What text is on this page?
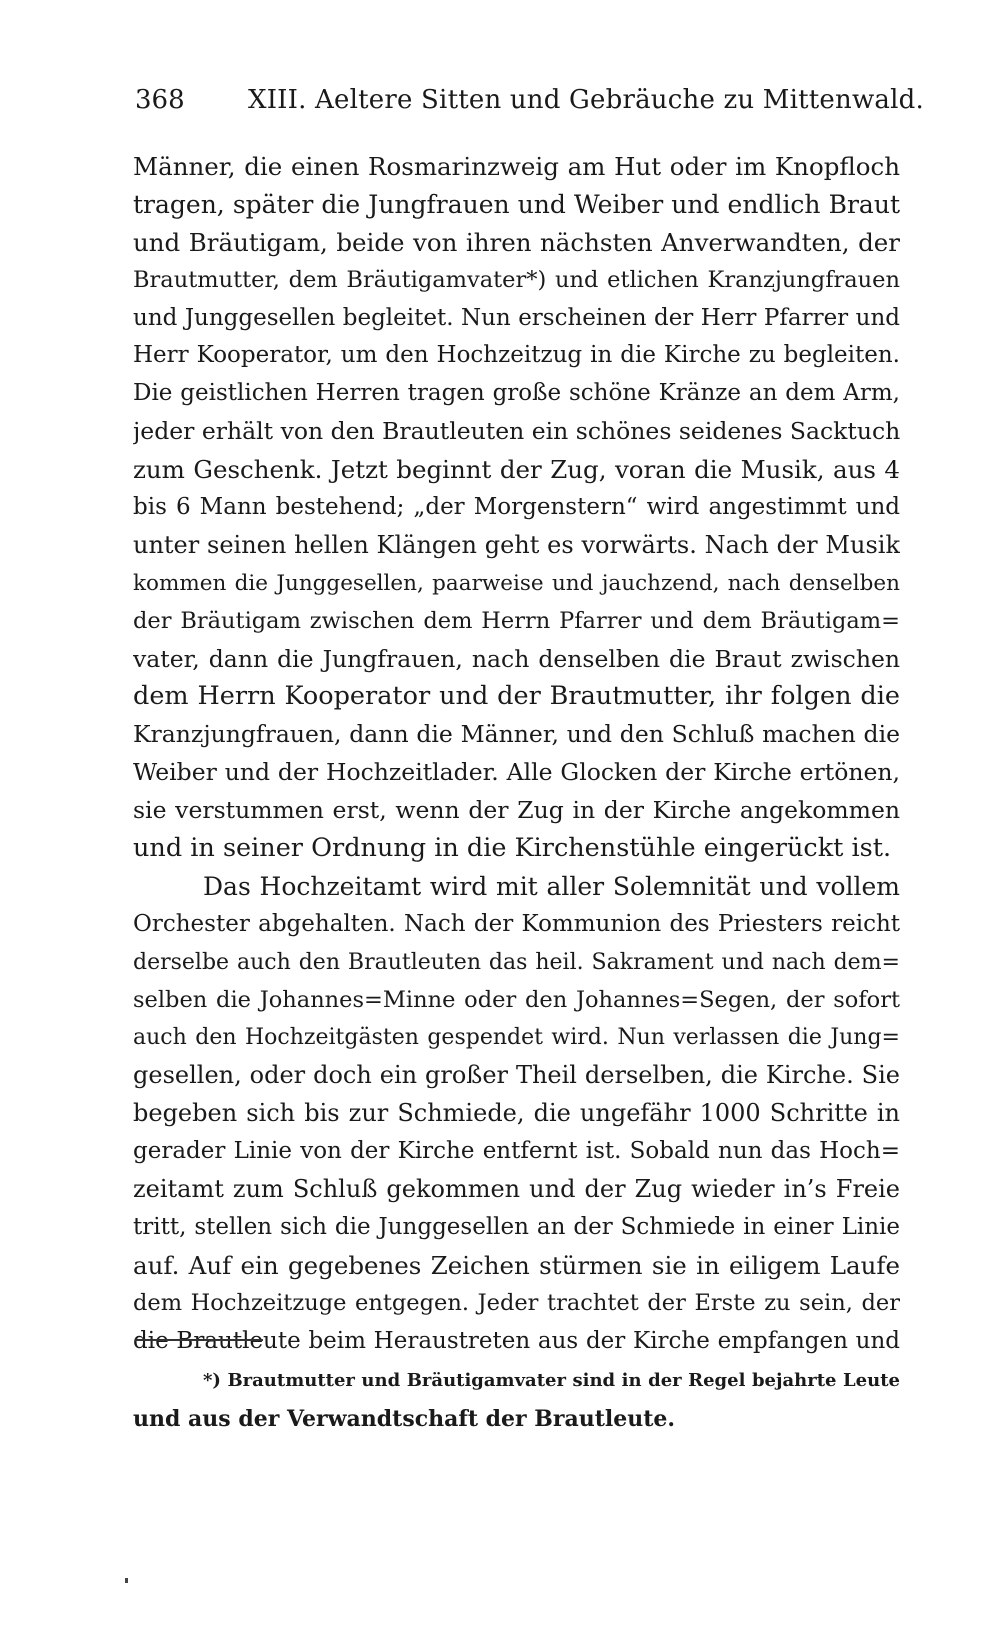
368 XIII. Aeltere Sitten und Gebräuche zu Mittenwald.
Männer, die einen Rosmarinzweig am Hut oder im Knopfloch
tragen, später die Jungfrauen und Weiber und endlich Braut
und Bräutigam, beide von ihren nächsten Anverwandten, der
Brautmutter, dem Bräutigamvater*) und etlichen Kranzjungfrauen
und Junggesellen begleitet. Nun erscheinen der Herr Pfarrer und
Herr Kooperator, um den Hochzeitzug in die Kirche zu begleiten.
Die geistlichen Herren tragen große schöne Kränze an dem Arm,
jeder erhält von den Brautleuten ein schönes seidenes Sacktuch
zum Geschenk. Jetzt beginnt der Zug, voran die Musik, aus 4
bis 6 Mann bestehend; „der Morgenstern“ wird angestimmt und
unter seinen hellen Klängen geht es vorwärts. Nach der Musik
kommen die Junggesellen, paarweise und jauchzend, nach denselben
der Bräutigam zwischen dem Herrn Pfarrer und dem Bräutigam=
vater, dann die Jungfrauen, nach denselben die Braut zwischen
dem Herrn Kooperator und der Brautmutter, ihr folgen die
Kranzjungfrauen, dann die Männer, und den Schluß machen die
Weiber und der Hochzeitlader. Alle Glocken der Kirche ertönen,
sie verstummen erst, wenn der Zug in der Kirche angekommen
und in seiner Ordnung in die Kirchenstühle eingerückt ist.
Das Hochzeitamt wird mit aller Solemnität und vollem
Orchester abgehalten. Nach der Kommunion des Priesters reicht
derselbe auch den Brautleuten das heil. Sakrament und nach dem=
selben die Johannes=Minne oder den Johannes=Segen, der sofort
auch den Hochzeitgästen gespendet wird. Nun verlassen die Jung=
gesellen, oder doch ein großer Theil derselben, die Kirche. Sie
begeben sich bis zur Schmiede, die ungefähr 1000 Schritte in
gerader Linie von der Kirche entfernt ist. Sobald nun das Hoch=
zeitamt zum Schluß gekommen und der Zug wieder in’s Freie
tritt, stellen sich die Junggesellen an der Schmiede in einer Linie
auf. Auf ein gegebenes Zeichen stürmen sie in eiligem Laufe
dem Hochzeitzuge entgegen. Jeder trachtet der Erste zu sein, der
die Brautleute beim Heraustreten aus der Kirche empfangen und
*) Brautmutter und Bräutigamvater sind in der Regel bejahrte Leute
und aus der Verwandtschaft der Brautleute.
